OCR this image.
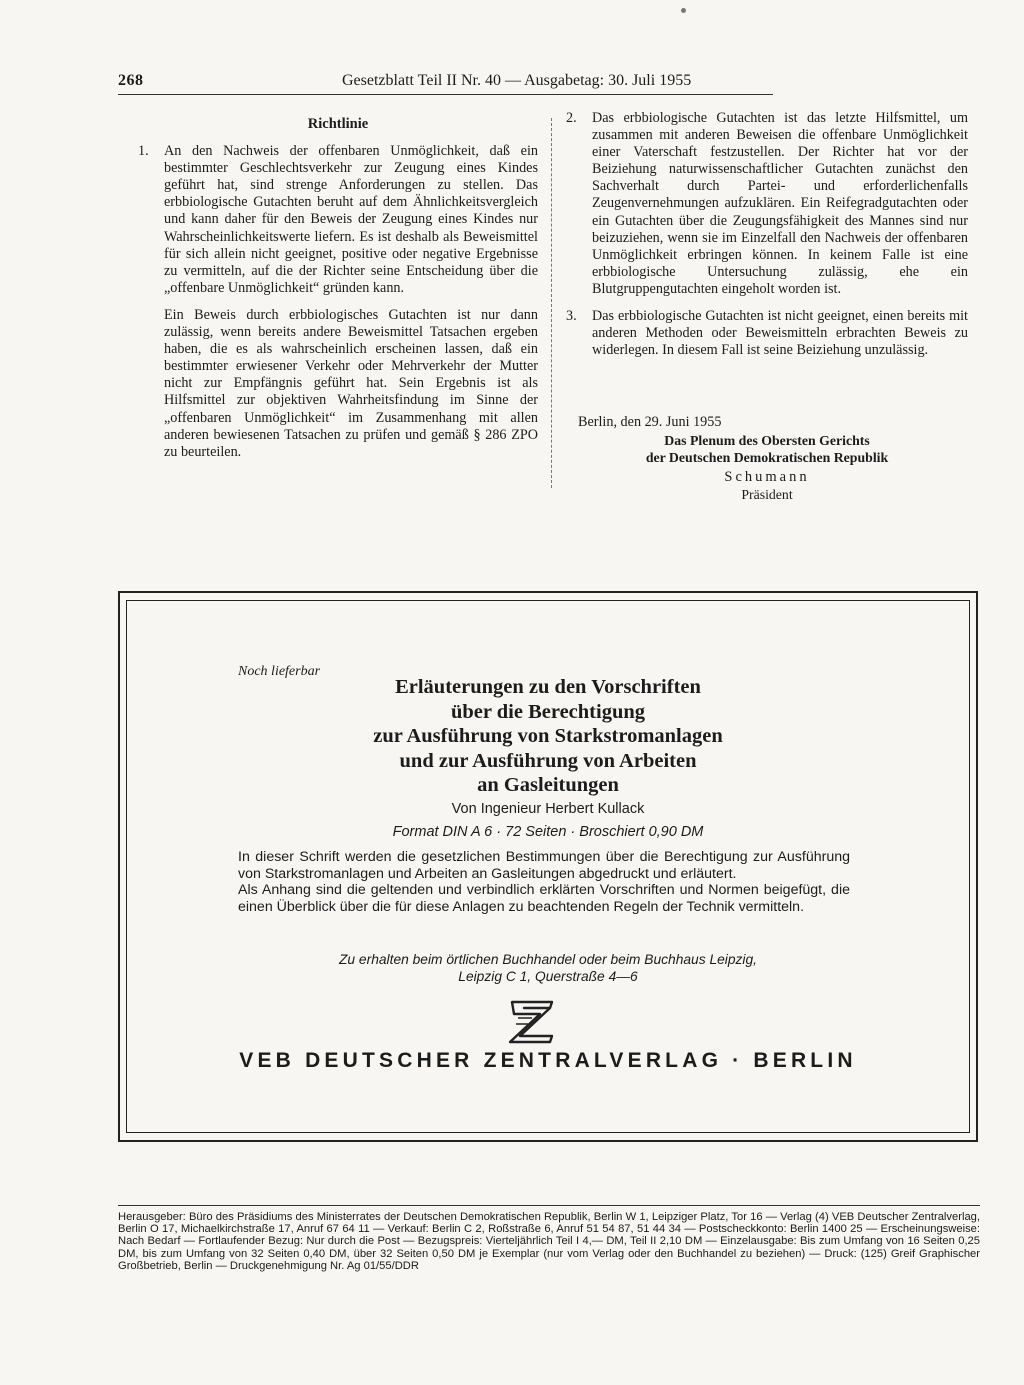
268	Gesetzblatt Teil II Nr. 40 — Ausgabetag: 30. Juli 1955
Richtlinie
1. An den Nachweis der offenbaren Unmöglichkeit, daß ein bestimmter Geschlechtsverkehr zur Zeugung eines Kindes geführt hat, sind strenge Anforderungen zu stellen. Das erbbiologische Gutachten beruht auf dem Ähnlichkeitsvergleich und kann daher für den Beweis der Zeugung eines Kindes nur Wahrscheinlichkeitswerte liefern. Es ist deshalb als Beweismittel für sich allein nicht geeignet, positive oder negative Ergebnisse zu vermitteln, auf die der Richter seine Entscheidung über die „offenbare Unmöglichkeit“ gründen kann.
Ein Beweis durch erbbiologisches Gutachten ist nur dann zulässig, wenn bereits andere Beweismittel Tatsachen ergeben haben, die es als wahrscheinlich erscheinen lassen, daß ein bestimmter erwiesener Verkehr oder Mehrverkehr der Mutter nicht zur Empfängnis geführt hat. Sein Ergebnis ist als Hilfsmittel zur objektiven Wahrheitsfindung im Sinne der „offenbaren Unmöglichkeit“ im Zusammenhang mit allen anderen bewiesenen Tatsachen zu prüfen und gemäß § 286 ZPO zu beurteilen.
2. Das erbbiologische Gutachten ist das letzte Hilfsmittel, um zusammen mit anderen Beweisen die offenbare Unmöglichkeit einer Vaterschaft festzustellen. Der Richter hat vor der Beiziehung naturwissenschaftlicher Gutachten zunächst den Sachverhalt durch Partei- und erforderlichenfalls Zeugenvernehmungen aufzuklären. Ein Reifegradgutachten oder ein Gutachten über die Zeugungsfähigkeit des Mannes sind nur beizuziehen, wenn sie im Einzelfall den Nachweis der offenbaren Unmöglichkeit erbringen können. In keinem Falle ist eine erbbiologische Untersuchung zulässig, ehe ein Blutgruppengutachten eingeholt worden ist.
3. Das erbbiologische Gutachten ist nicht geeignet, einen bereits mit anderen Methoden oder Beweismitteln erbrachten Beweis zu widerlegen. In diesem Fall ist seine Beiziehung unzulässig.
Berlin, den 29. Juni 1955
Das Plenum des Obersten Gerichts
der Deutschen Demokratischen Republik
Schumann
Präsident
Noch lieferbar
Erläuterungen zu den Vorschriften
über die Berechtigung
zur Ausführung von Starkstromanlagen
und zur Ausführung von Arbeiten
an Gasleitungen
Von Ingenieur Herbert Kullack
Format DIN A 6 · 72 Seiten · Broschiert 0,90 DM

In dieser Schrift werden die gesetzlichen Bestimmungen über die Berechtigung zur Ausführung von Starkstromanlagen und Arbeiten an Gasleitungen abgedruckt und erläutert.

Als Anhang sind die geltenden und verbindlich erklärten Vorschriften und Normen beigefügt, die einen Überblick über die für diese Anlagen zu beachtenden Regeln der Technik vermitteln.

Zu erhalten beim örtlichen Buchhandel oder beim Buchhaus Leipzig,
Leipzig C 1, Querstraße 4—6
VEB DEUTSCHER ZENTRALVERLAG · BERLIN
Herausgeber: Büro des Präsidiums des Ministerrates der Deutschen Demokratischen Republik, Berlin W 1, Leipziger Platz, Tor 16 — Verlag (4) VEB Deutscher Zentralverlag, Berlin O 17, Michaelkirchstraße 17, Anruf 67 64 11 — Verkauf: Berlin C 2, Roßstraße 6, Anruf 51 54 87, 51 44 34 — Postscheckkonto: Berlin 1400 25 — Erscheinungsweise: Nach Bedarf — Fortlaufender Bezug: Nur durch die Post — Bezugspreis: Vierteljährlich Teil I 4,— DM, Teil II 2,10 DM — Einzelausgabe: Bis zum Umfang von 16 Seiten 0,25 DM, bis zum Umfang von 32 Seiten 0,40 DM, über 32 Seiten 0,50 DM je Exemplar (nur vom Verlag oder den Buchhandel zu beziehen) — Druck: (125) Greif Graphischer Großbetrieb, Berlin — Druckgenehmigung Nr. Ag 01/55/DDR
